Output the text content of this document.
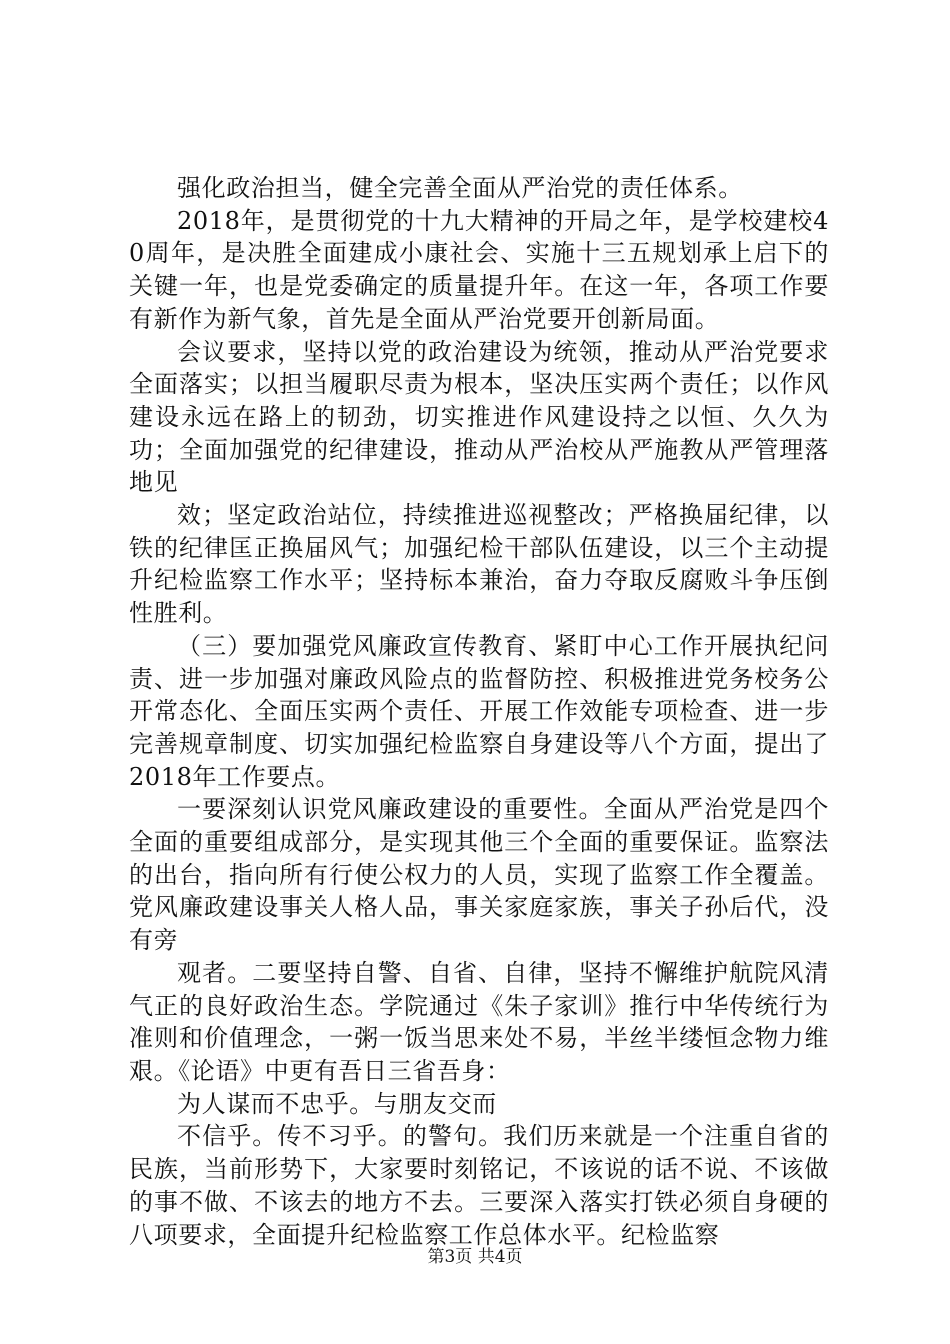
强化政治担当，健全完善全面从严治党的责任体系。

2018年，是贯彻党的十九大精神的开局之年，是学校建校40周年，是决胜全面建成小康社会、实施十三五规划承上启下的关键一年，也是党委确定的质量提升年。在这一年，各项工作要有新作为新气象，首先是全面从严治党要开创新局面。

会议要求，坚持以党的政治建设为统领，推动从严治党要求全面落实；以担当履职尽责为根本，坚决压实两个责任；以作风建设永远在路上的韧劲，切实推进作风建设持之以恒、久久为功；全面加强党的纪律建设，推动从严治校从严施教从严管理落地见

效；坚定政治站位，持续推进巡视整改；严格换届纪律，以铁的纪律匡正换届风气；加强纪检干部队伍建设，以三个主动提升纪检监察工作水平；坚持标本兼治，奋力夺取反腐败斗争压倒性胜利。

（三）要加强党风廉政宣传教育、紧盯中心工作开展执纪问责、进一步加强对廉政风险点的监督防控、积极推进党务校务公开常态化、全面压实两个责任、开展工作效能专项检查、进一步完善规章制度、切实加强纪检监察自身建设等八个方面，提出了2018年工作要点。

一要深刻认识党风廉政建设的重要性。全面从严治党是四个全面的重要组成部分，是实现其他三个全面的重要保证。监察法的出台，指向所有行使公权力的人员，实现了监察工作全覆盖。党风廉政建设事关人格人品，事关家庭家族，事关子孙后代，没有旁

观者。二要坚持自警、自省、自律，坚持不懈维护航院风清气正的良好政治生态。学院通过《朱子家训》推行中华传统行为准则和价值理念，一粥一饭当思来处不易，半丝半缕恒念物力维艰。《论语》中更有吾日三省吾身：

为人谋而不忠乎。与朋友交而

不信乎。传不习乎。的警句。我们历来就是一个注重自省的民族，当前形势下，大家要时刻铭记，不该说的话不说、不该做的事不做、不该去的地方不去。三要深入落实打铁必须自身硬的八项要求，全面提升纪检监察工作总体水平。纪检监察

第3页 共4页
